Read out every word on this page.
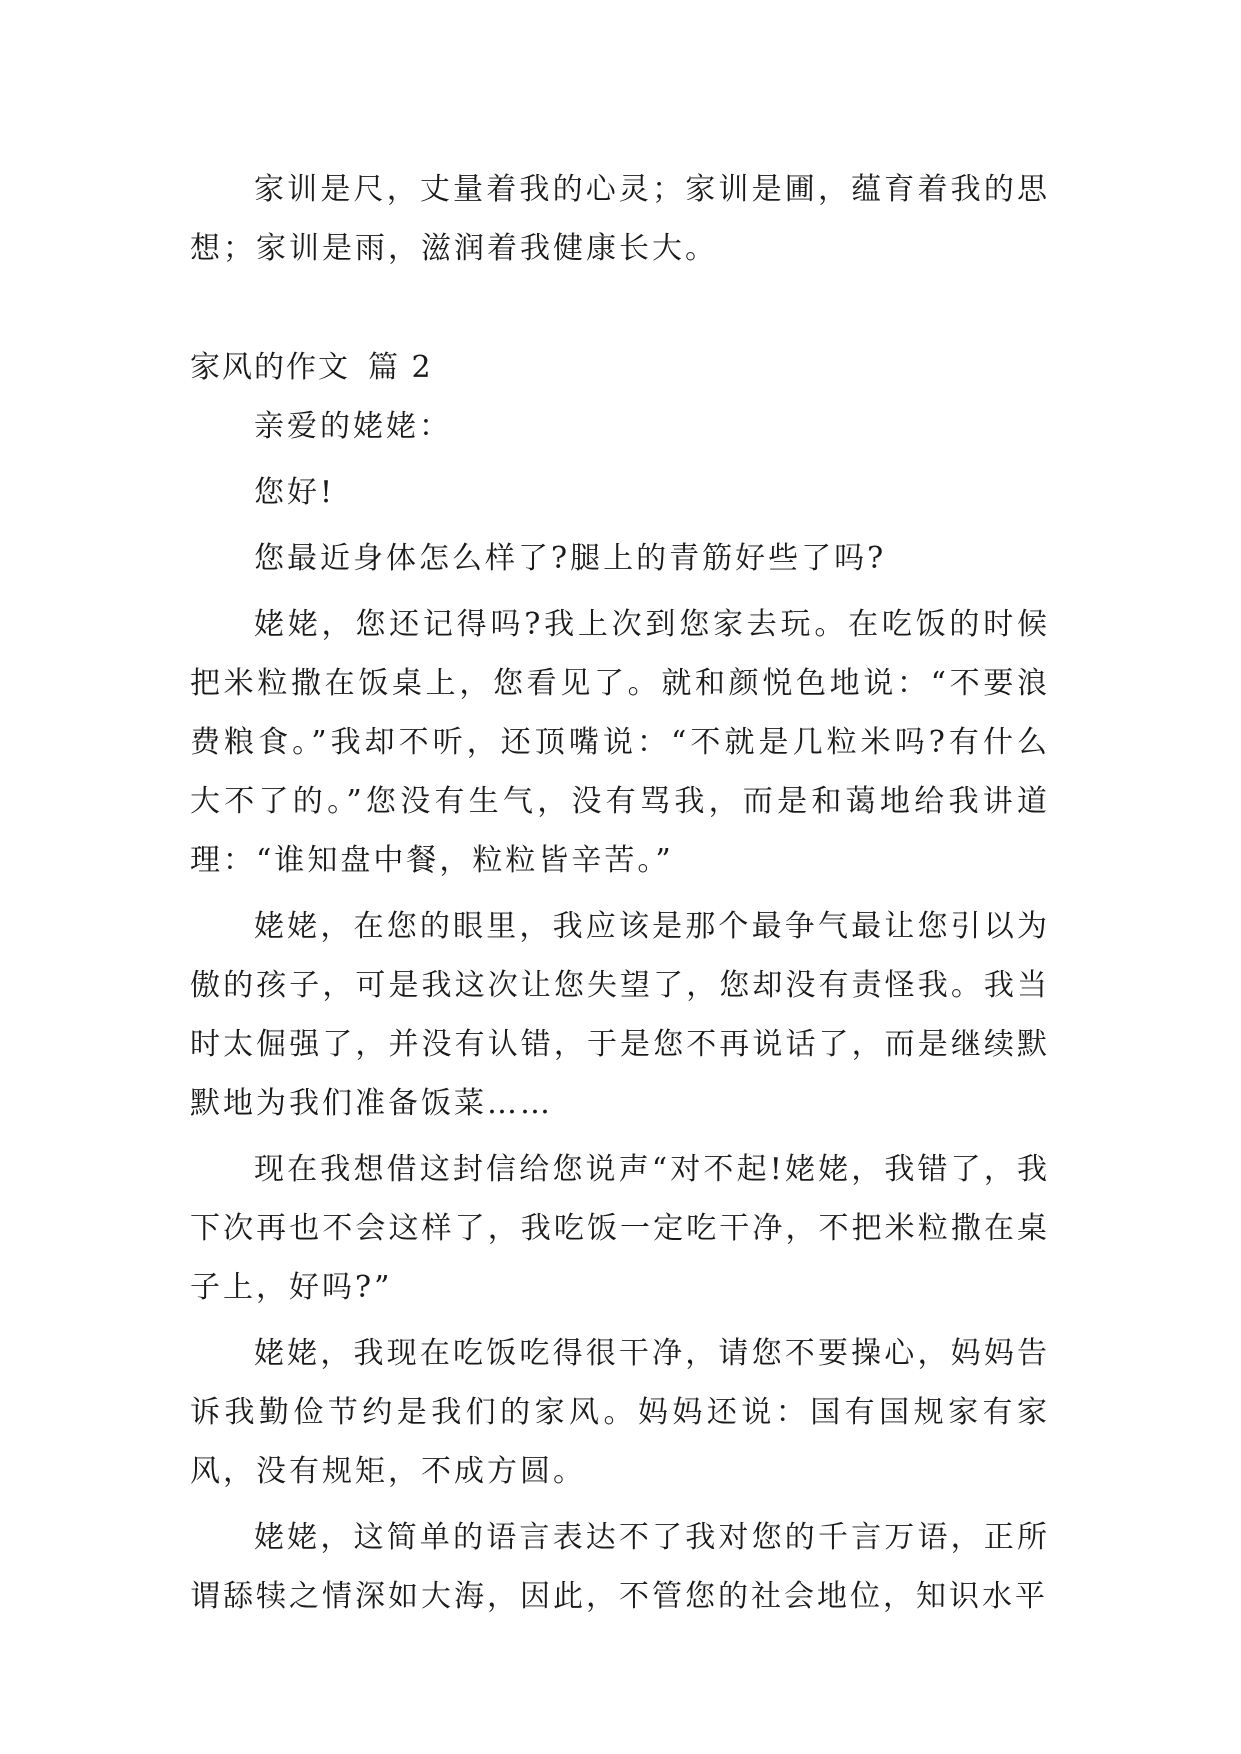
家训是尺，丈量着我的心灵；家训是圃，蕴育着我的思想；家训是雨，滋润着我健康长大。

家风的作文 篇 2

亲爱的姥姥：

您好!

您最近身体怎么样了?腿上的青筋好些了吗?

姥姥，您还记得吗?我上次到您家去玩。在吃饭的时候把米粒撒在饭桌上，您看见了。就和颜悦色地说：“不要浪费粮食。”我却不听，还顶嘴说：“不就是几粒米吗?有什么大不了的。”您没有生气，没有骂我，而是和蔼地给我讲道理：“谁知盘中餐，粒粒皆辛苦。”

姥姥，在您的眼里，我应该是那个最争气最让您引以为傲的孩子，可是我这次让您失望了，您却没有责怪我。我当时太倔强了，并没有认错，于是您不再说话了，而是继续默默地为我们准备饭菜……

现在我想借这封信给您说声“对不起!姥姥，我错了，我下次再也不会这样了，我吃饭一定吃干净，不把米粒撒在桌子上，好吗?”

姥姥，我现在吃饭吃得很干净，请您不要操心，妈妈告诉我勤俭节约是我们的家风。妈妈还说：国有国规家有家风，没有规矩，不成方圆。

姥姥，这简单的语言表达不了我对您的千言万语，正所谓舔犊之情深如大海，因此，不管您的社会地位，知识水平
